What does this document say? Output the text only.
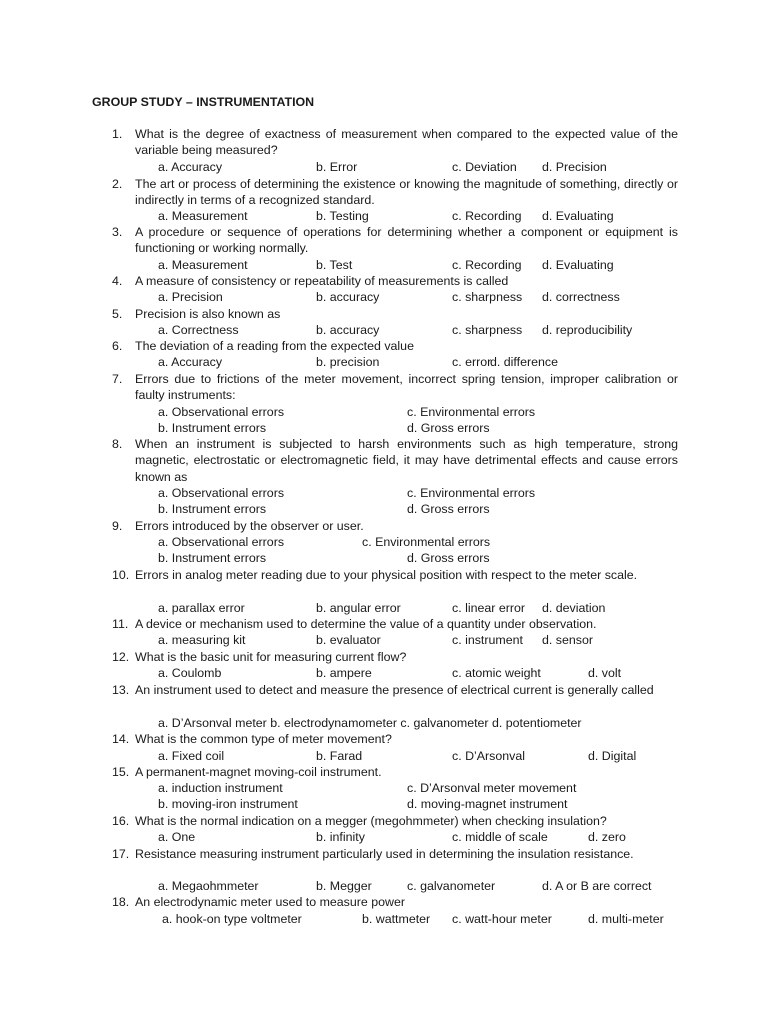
GROUP STUDY – INSTRUMENTATION
1.	What is the degree of exactness of measurement when compared to the expected value of the variable being measured?
a. Accuracy	b. Error	c. Deviation d. Precision
2.	The art or process of determining the existence or knowing the magnitude of something, directly or indirectly in terms of a recognized standard.
a. Measurement	b. Testing	c. Recording d. Evaluating
3.	A procedure or sequence of operations for determining whether a component or equipment is functioning or working normally.
a. Measurement	b. Test	c. Recording d. Evaluating
4.	A measure of consistency or repeatability of measurements is called
a. Precision	b. accuracy	c. sharpness d. correctness
5.	Precision is also known as
a. Correctness	b. accuracy	c. sharpness d. reproducibility
6.	The deviation of a reading from the expected value
a. Accuracy	b. precision	c. error
d. difference
7.	Errors due to frictions of the meter movement, incorrect spring tension, improper calibration or faulty instruments:
a. Observational errors	c. Environmental errors
b. Instrument errors	d. Gross errors
8.	When an instrument is subjected to harsh environments such as high temperature, strong magnetic, electrostatic or electromagnetic field, it may have detrimental effects and cause errors known as
a. Observational errors	c. Environmental errors
b. Instrument errors	d. Gross errors
9.	Errors introduced by the observer or user.
a. Observational errors	c. Environmental errors
b. Instrument errors	d. Gross errors
10. Errors in analog meter reading due to your physical position with respect to the meter scale.
a. parallax error	b. angular error	c. linear error d. deviation
11. A device or mechanism used to determine the value of a quantity under observation.
a. measuring kit	b. evaluator	c. instrument d. sensor
12. What is the basic unit for measuring current flow?
a. Coulomb	b. ampere	c. atomic weight	d. volt
13. An instrument used to detect and measure the presence of electrical current is generally called
a. D’Arsonval meter b. electrodynamometer c. galvanometer d. potentiometer
14. What is the common type of meter movement?
a. Fixed coil	b. Farad	c. D’Arsonval	d. Digital
15. A permanent-magnet moving-coil instrument.
a. induction instrument	c. D’Arsonval meter movement
b. moving-iron instrument	d. moving-magnet instrument
16. What is the normal indication on a megger (megohmmeter) when checking insulation?
a. One	b. infinity	c. middle of scale	d. zero
17. Resistance measuring instrument particularly used in determining the insulation resistance.
a. Megaohmmeter	b. Megger	c. galvanometer	d. A or B are correct
18. An electrodynamic meter used to measure power
a. hook-on type voltmeter	b. wattmeter c. watt-hour meter	d. multi-meter
